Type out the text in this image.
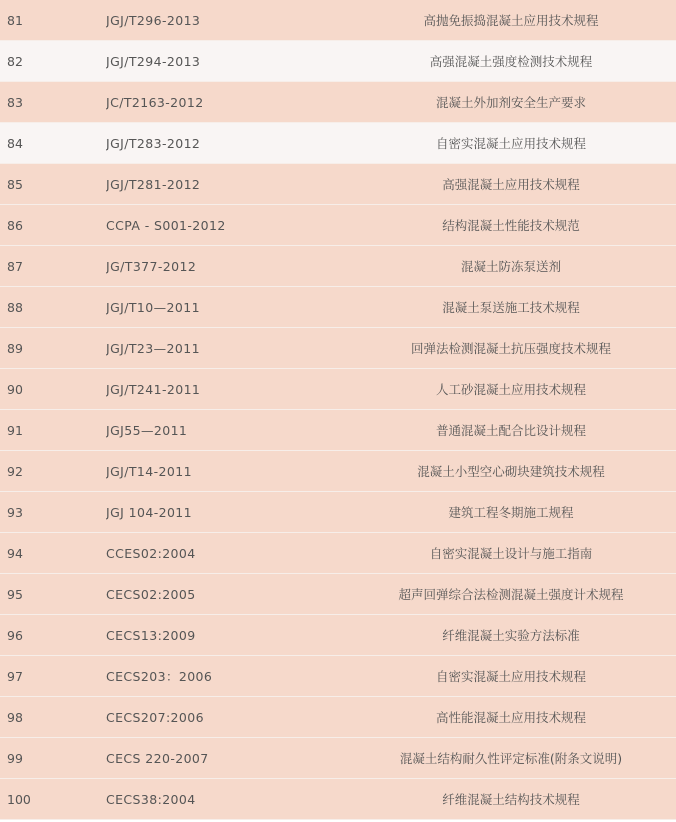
81	JGJ/T296-2013	高抛免振捣混凝土应用技术规程
82	JGJ/T294-2013	高强混凝土强度检测技术规程
83	JC/T2163-2012	混凝土外加剂安全生产要求
84	JGJ/T283-2012	自密实混凝土应用技术规程
85	JGJ/T281-2012	高强混凝土应用技术规程
86	CCPA - S001-2012	结构混凝土性能技术规范
87	JG/T377-2012	混凝土防冻泵送剂
88	JGJ/T10—2011	混凝土泵送施工技术规程
89	JGJ/T23—2011	回弹法检测混凝土抗压强度技术规程
90	JGJ/T241-2011	人工砂混凝土应用技术规程
91	JGJ55—2011	普通混凝土配合比设计规程
92	JGJ/T14-2011	混凝土小型空心砌块建筑技术规程
93	JGJ 104-2011	建筑工程冬期施工规程
94	CCES02:2004	自密实混凝土设计与施工指南
95	CECS02:2005	超声回弹综合法检测混凝土强度计术规程
96	CECS13:2009	纤维混凝土实验方法标准
97	CECS203：2006	自密实混凝土应用技术规程
98	CECS207:2006	高性能混凝土应用技术规程
99	CECS 220-2007	混凝土结构耐久性评定标准(附条文说明)
100	CECS38:2004	纤维混凝土结构技术规程
